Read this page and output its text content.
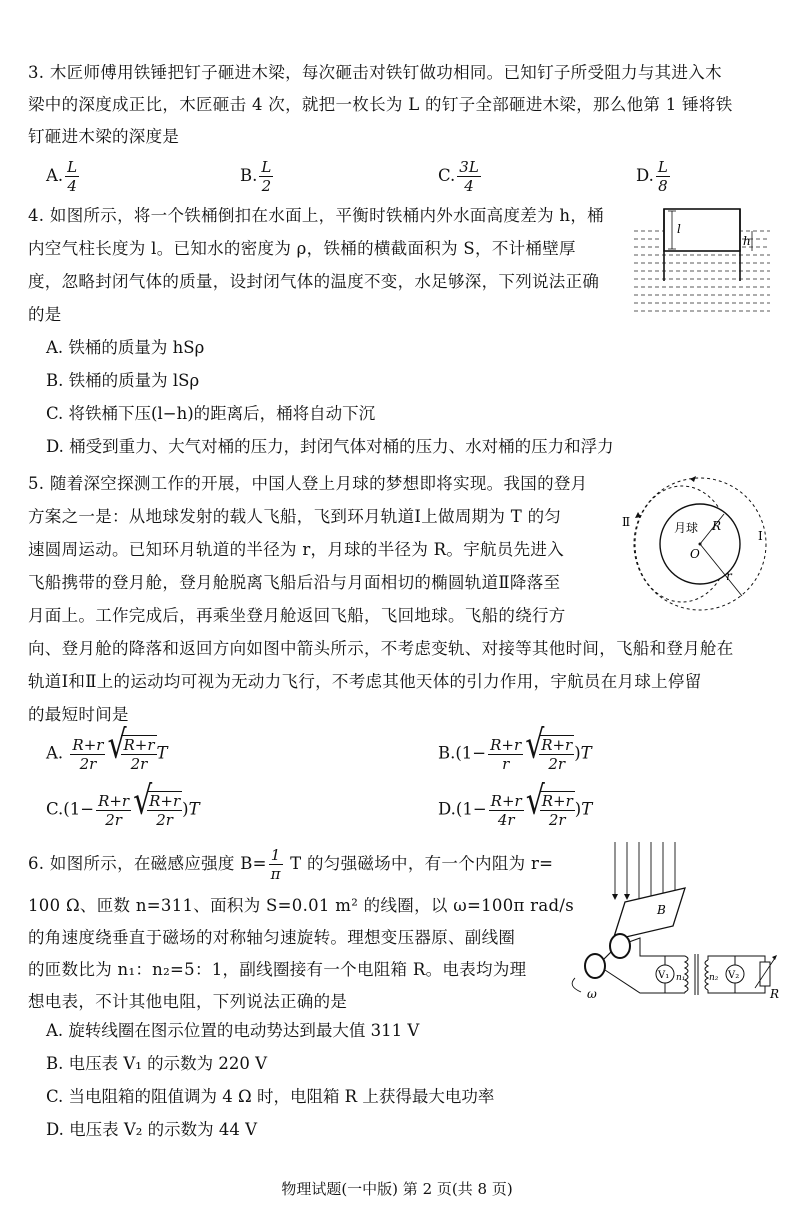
3. 木匠师傅用铁锤把钉子砸进木梁，每次砸击对铁钉做功相同。已知钉子所受阻力与其进入木
梁中的深度成正比，木匠砸击 4 次，就把一枚长为 L 的钉子全部砸进木梁，那么他第 1 锤将铁
钉砸进木梁的深度是
A. $\frac{L}{4}$	B. $\frac{L}{2}$	C. $\frac{3L}{4}$	D. $\frac{L}{8}$
4. 如图所示，将一个铁桶倒扣在水面上，平衡时铁桶内外水面高度差为 h，桶
内空气柱长度为 l。已知水的密度为 ρ，铁桶的横截面积为 S，不计桶壁厚
度，忽略封闭气体的质量，设封闭气体的温度不变，水足够深，下列说法正确
的是
A. 铁桶的质量为 hSρ
B. 铁桶的质量为 lSρ
C. 将铁桶下压(l−h)的距离后，桶将自动下沉
D. 桶受到重力、大气对桶的压力，封闭气体对桶的压力、水对桶的压力和浮力
l
h
5. 随着深空探测工作的开展，中国人登上月球的梦想即将实现。我国的登月
方案之一是：从地球发射的载人飞船，飞到环月轨道Ⅰ上做周期为 T 的匀
速圆周运动。已知环月轨道的半径为 r，月球的半径为 R。宇航员先进入
飞船携带的登月舱，登月舱脱离飞船后沿与月面相切的椭圆轨道Ⅱ降落至
月面上。工作完成后，再乘坐登月舱返回飞船，飞回地球。飞船的绕行方
向、登月舱的降落和返回方向如图中箭头所示，不考虑变轨、对接等其他时间，飞船和登月舱在
轨道Ⅰ和Ⅱ上的运动均可视为无动力飞行，不考虑其他天体的引力作用，宇航员在月球上停留
的最短时间是
A. $\frac{R+r}{2r}$ √ $\frac{R+r}{2r}$ T	$B.(1- \frac{R+r}{r}$ √ $\frac{R+r}{2r} )T$
$C.(1- \frac{R+r}{2r}$ √ $\frac{R+r}{2r} )T$	$D.(1- \frac{R+r}{4r}$ √ $\frac{R+r}{2r} )T$
月球
O
R
r
Ⅰ
Ⅱ
6. 如图所示，在磁感应强度 $B= \frac{1}{\pi}$ T 的匀强磁场中，有一个内阻为 r=
100 Ω、匝数 n=311、面积为 S=0.01 m² 的线圈，以 ω=100π rad/s
的角速度绕垂直于磁场的对称轴匀速旋转。理想变压器原、副线圈
的匝数比为 n₁：n₂=5：1，副线圈接有一个电阻箱 R。电表均为理
想电表，不计其他电阻，下列说法正确的是
A. 旋转线圈在图示位置的电动势达到最大值 311 V
B. 电压表 V₁ 的示数为 220 V
C. 当电阻箱的阻值调为 4 Ω 时，电阻箱 R 上获得最大电功率
D. 电压表 V₂ 的示数为 44 V
B
ω
V₁ n₁	n₂ V₂
R
物理试题(一中版) 第 2 页(共 8 页)
